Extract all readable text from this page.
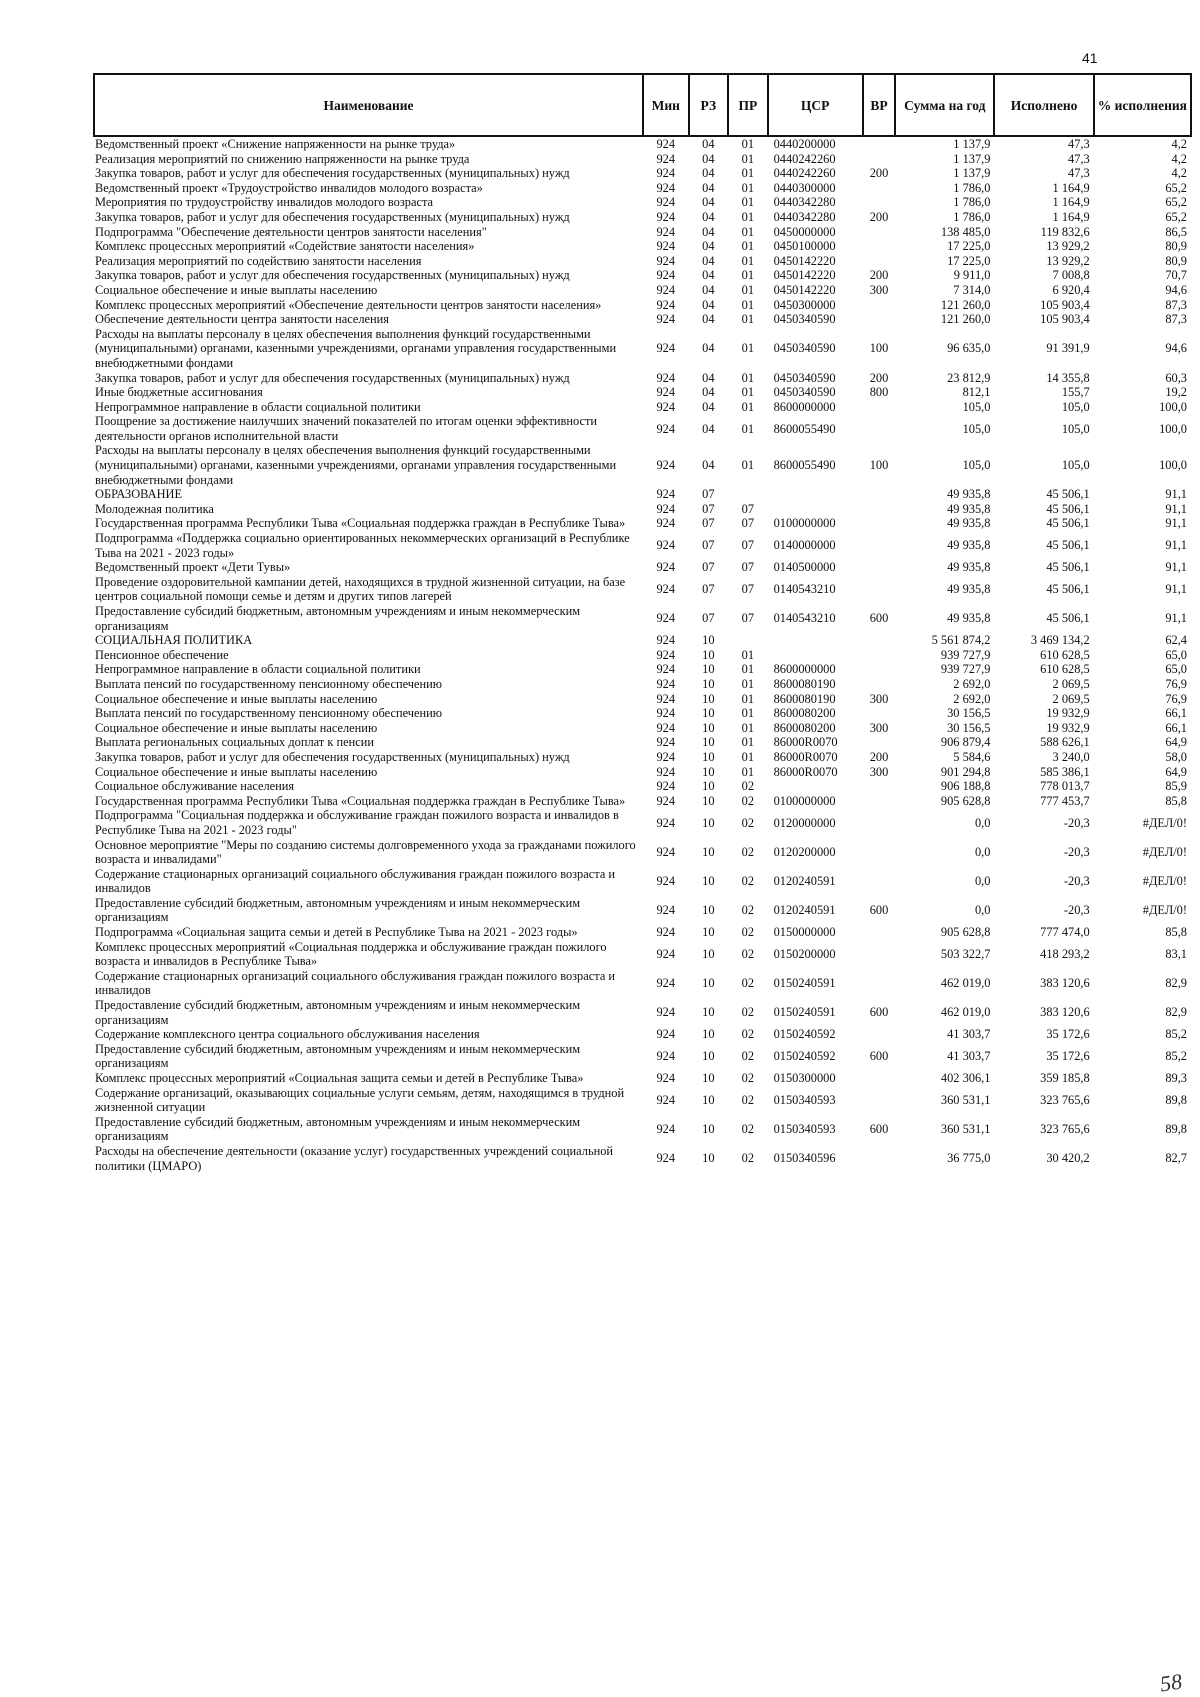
41
Наименование	Мин	РЗ	ПР	ЦСР	ВР	Сумма на год	Исполнено	% исполнения
Ведомственный проект «Снижение напряженности на рынке труда»	924	04	01	0440200000		1 137,9	47,3	4,2
Реализация мероприятий по снижению напряженности на рынке труда	924	04	01	0440242260		1 137,9	47,3	4,2
Закупка товаров, работ и услуг для обеспечения государственных (муниципальных) нужд	924	04	01	0440242260	200	1 137,9	47,3	4,2
Ведомственный проект «Трудоустройство инвалидов молодого возраста»	924	04	01	0440300000		1 786,0	1 164,9	65,2
Мероприятия по трудоустройству инвалидов молодого возраста	924	04	01	0440342280		1 786,0	1 164,9	65,2
Закупка товаров, работ и услуг для обеспечения государственных (муниципальных) нужд	924	04	01	0440342280	200	1 786,0	1 164,9	65,2
Подпрограмма "Обеспечение деятельности центров занятости населения"	924	04	01	0450000000		138 485,0	119 832,6	86,5
Комплекс процессных мероприятий «Содействие занятости населения»	924	04	01	0450100000		17 225,0	13 929,2	80,9
Реализация мероприятий по содействию занятости населения	924	04	01	0450142220		17 225,0	13 929,2	80,9
Закупка товаров, работ и услуг для обеспечения государственных (муниципальных) нужд	924	04	01	0450142220	200	9 911,0	7 008,8	70,7
Социальное обеспечение и иные выплаты населению	924	04	01	0450142220	300	7 314,0	6 920,4	94,6
Комплекс процессных мероприятий «Обеспечение деятельности центров занятости населения»	924	04	01	0450300000		121 260,0	105 903,4	87,3
Обеспечение деятельности центра занятости населения	924	04	01	0450340590		121 260,0	105 903,4	87,3
Расходы на выплаты персоналу в целях обеспечения выполнения функций государственными (муниципальными) органами, казенными учреждениями, органами управления государственными внебюджетными фондами	924	04	01	0450340590	100	96 635,0	91 391,9	94,6
Закупка товаров, работ и услуг для обеспечения государственных (муниципальных) нужд	924	04	01	0450340590	200	23 812,9	14 355,8	60,3
Иные бюджетные ассигнования	924	04	01	0450340590	800	812,1	155,7	19,2
Непрограммное направление в области социальной политики	924	04	01	8600000000		105,0	105,0	100,0
Поощрение за достижение наилучших значений показателей по итогам оценки эффективности деятельности органов исполнительной власти	924	04	01	8600055490		105,0	105,0	100,0
Расходы на выплаты персоналу в целях обеспечения выполнения функций государственными (муниципальными) органами, казенными учреждениями, органами управления государственными внебюджетными фондами	924	04	01	8600055490	100	105,0	105,0	100,0
ОБРАЗОВАНИЕ	924	07				49 935,8	45 506,1	91,1
Молодежная политика	924	07	07			49 935,8	45 506,1	91,1
Государственная программа Республики Тыва «Социальная поддержка граждан в Республике Тыва»	924	07	07	0100000000		49 935,8	45 506,1	91,1
Подпрограмма «Поддержка социально ориентированных некоммерческих организаций в Республике Тыва на 2021 - 2023 годы»	924	07	07	0140000000		49 935,8	45 506,1	91,1
Ведомственный проект «Дети Тувы»	924	07	07	0140500000		49 935,8	45 506,1	91,1
Проведение оздоровительной кампании детей, находящихся в трудной жизненной ситуации, на базе центров социальной помощи семье и детям и других типов лагерей	924	07	07	0140543210		49 935,8	45 506,1	91,1
Предоставление субсидий бюджетным, автономным учреждениям и иным некоммерческим организациям	924	07	07	0140543210	600	49 935,8	45 506,1	91,1
СОЦИАЛЬНАЯ ПОЛИТИКА	924	10				5 561 874,2	3 469 134,2	62,4
Пенсионное обеспечение	924	10	01			939 727,9	610 628,5	65,0
Непрограммное направление в области социальной политики	924	10	01	8600000000		939 727,9	610 628,5	65,0
Выплата пенсий по государственному пенсионному обеспечению	924	10	01	8600080190		2 692,0	2 069,5	76,9
Социальное обеспечение и иные выплаты населению	924	10	01	8600080190	300	2 692,0	2 069,5	76,9
Выплата пенсий по государственному пенсионному обеспечению	924	10	01	8600080200		30 156,5	19 932,9	66,1
Социальное обеспечение и иные выплаты населению	924	10	01	8600080200	300	30 156,5	19 932,9	66,1
Выплата региональных социальных доплат к пенсии	924	10	01	86000R0070		906 879,4	588 626,1	64,9
Закупка товаров, работ и услуг для обеспечения государственных (муниципальных) нужд	924	10	01	86000R0070	200	5 584,6	3 240,0	58,0
Социальное обеспечение и иные выплаты населению	924	10	01	86000R0070	300	901 294,8	585 386,1	64,9
Социальное обслуживание населения	924	10	02			906 188,8	778 013,7	85,9
Государственная программа Республики Тыва «Социальная поддержка граждан в Республике Тыва»	924	10	02	0100000000		905 628,8	777 453,7	85,8
Подпрограмма "Социальная поддержка и обслуживание граждан пожилого возраста и инвалидов в Республике Тыва на 2021 - 2023 годы"	924	10	02	0120000000		0,0	-20,3	#ДЕЛ/0!
Основное мероприятие "Меры по созданию системы долговременного ухода за гражданами пожилого возраста и инвалидами"	924	10	02	0120200000		0,0	-20,3	#ДЕЛ/0!
Содержание стационарных организаций социального обслуживания граждан пожилого возраста и инвалидов	924	10	02	0120240591		0,0	-20,3	#ДЕЛ/0!
Предоставление субсидий бюджетным, автономным учреждениям и иным некоммерческим организациям	924	10	02	0120240591	600	0,0	-20,3	#ДЕЛ/0!
Подпрограмма «Социальная защита семьи и детей в Республике Тыва на 2021 - 2023 годы»	924	10	02	0150000000		905 628,8	777 474,0	85,8
Комплекс процессных мероприятий «Социальная поддержка и обслуживание граждан пожилого возраста и инвалидов в Республике Тыва»	924	10	02	0150200000		503 322,7	418 293,2	83,1
Содержание стационарных организаций социального обслуживания граждан пожилого возраста и инвалидов	924	10	02	0150240591		462 019,0	383 120,6	82,9
Предоставление субсидий бюджетным, автономным учреждениям и иным некоммерческим организациям	924	10	02	0150240591	600	462 019,0	383 120,6	82,9
Содержание комплексного центра социального обслуживания населения	924	10	02	0150240592		41 303,7	35 172,6	85,2
Предоставление субсидий бюджетным, автономным учреждениям и иным некоммерческим организациям	924	10	02	0150240592	600	41 303,7	35 172,6	85,2
Комплекс процессных мероприятий «Социальная защита семьи и детей в Республике Тыва»	924	10	02	0150300000		402 306,1	359 185,8	89,3
Содержание организаций, оказывающих социальные услуги семьям, детям, находящимся в трудной жизненной ситуации	924	10	02	0150340593		360 531,1	323 765,6	89,8
Предоставление субсидий бюджетным, автономным учреждениям и иным некоммерческим организациям	924	10	02	0150340593	600	360 531,1	323 765,6	89,8
Расходы на обеспечение деятельности (оказание услуг) государственных учреждений социальной политики (ЦМАРО)	924	10	02	0150340596		36 775,0	30 420,2	82,7
58
